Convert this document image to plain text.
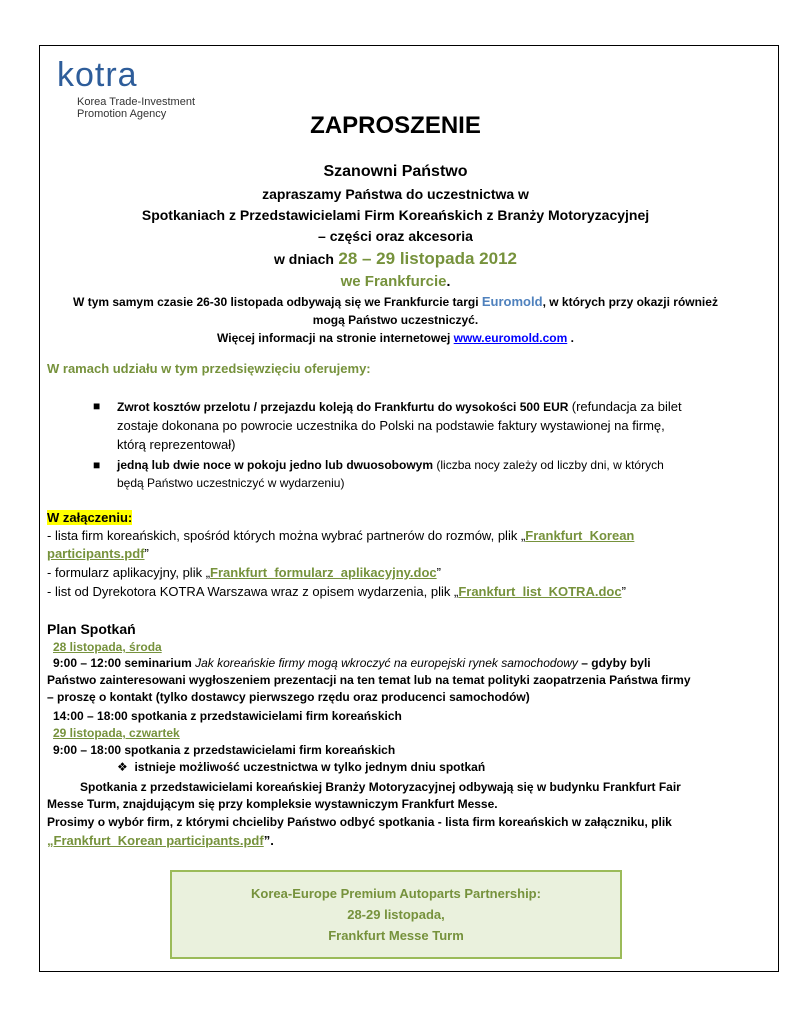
kotra
Korea Trade-Investment
Promotion Agency	ZAPROSZENIE
Szanowni Państwo
zapraszamy Państwa do uczestnictwa w
Spotkaniach z Przedstawicielami Firm Koreańskich z Branży Motoryzacyjnej
– części oraz akcesoria
w dniach 28 – 29 listopada 2012
we Frankfurcie.
W tym samym czasie 26-30 listopada odbywają się we Frankfurcie targi Euromold, w których przy okazji również
mogą Państwo uczestniczyć.
Więcej informacji na stronie internetowej www.euromold.com .
W ramach udziału w tym przedsięwzięciu oferujemy:
■ Zwrot kosztów przelotu / przejazdu koleją do Frankfurtu do wysokości 500 EUR (refundacja za bilet
zostaje dokonana po powrocie uczestnika do Polski na podstawie faktury wystawionej na firmę,
którą reprezentował)
■ jedną lub dwie noce w pokoju jedno lub dwuosobowym (liczba nocy zależy od liczby dni, w których
będą Państwo uczestniczyć w wydarzeniu)
W załączeniu:
- lista firm koreańskich, spośród których można wybrać partnerów do rozmów, plik „Frankfurt_Korean
participants.pdf”
- formularz aplikacyjny, plik „Frankfurt_formularz_aplikacyjny.doc”
- list od Dyrekotora KOTRA Warszawa wraz z opisem wydarzenia, plik „Frankfurt_list_KOTRA.doc”
Plan Spotkań
28 listopada, środa
9:00 – 12:00 seminarium Jak koreańskie firmy mogą wkroczyć na europejski rynek samochodowy – gdyby byli
Państwo zainteresowani wygłoszeniem prezentacji na ten temat lub na temat polityki zaopatrzenia Państwa firmy
– proszę o kontakt (tylko dostawcy pierwszego rzędu oraz producenci samochodów)
14:00 – 18:00 spotkania z przedstawicielami firm koreańskich
29 listopada, czwartek
9:00 – 18:00 spotkania z przedstawicielami firm koreańskich
❖ istnieje możliwość uczestnictwa w tylko jednym dniu spotkań
Spotkania z przedstawicielami koreańskiej Branży Motoryzacyjnej odbywają się w budynku Frankfurt Fair
Messe Turm, znajdującym się przy kompleksie wystawniczym Frankfurt Messe.
Prosimy o wybór firm, z którymi chcieliby Państwo odbyć spotkania - lista firm koreańskich w załączniku, plik
„Frankfurt_Korean participants.pdf”.
Korea-Europe Premium Autoparts Partnership:
28-29 listopada,
Frankfurt Messe Turm
